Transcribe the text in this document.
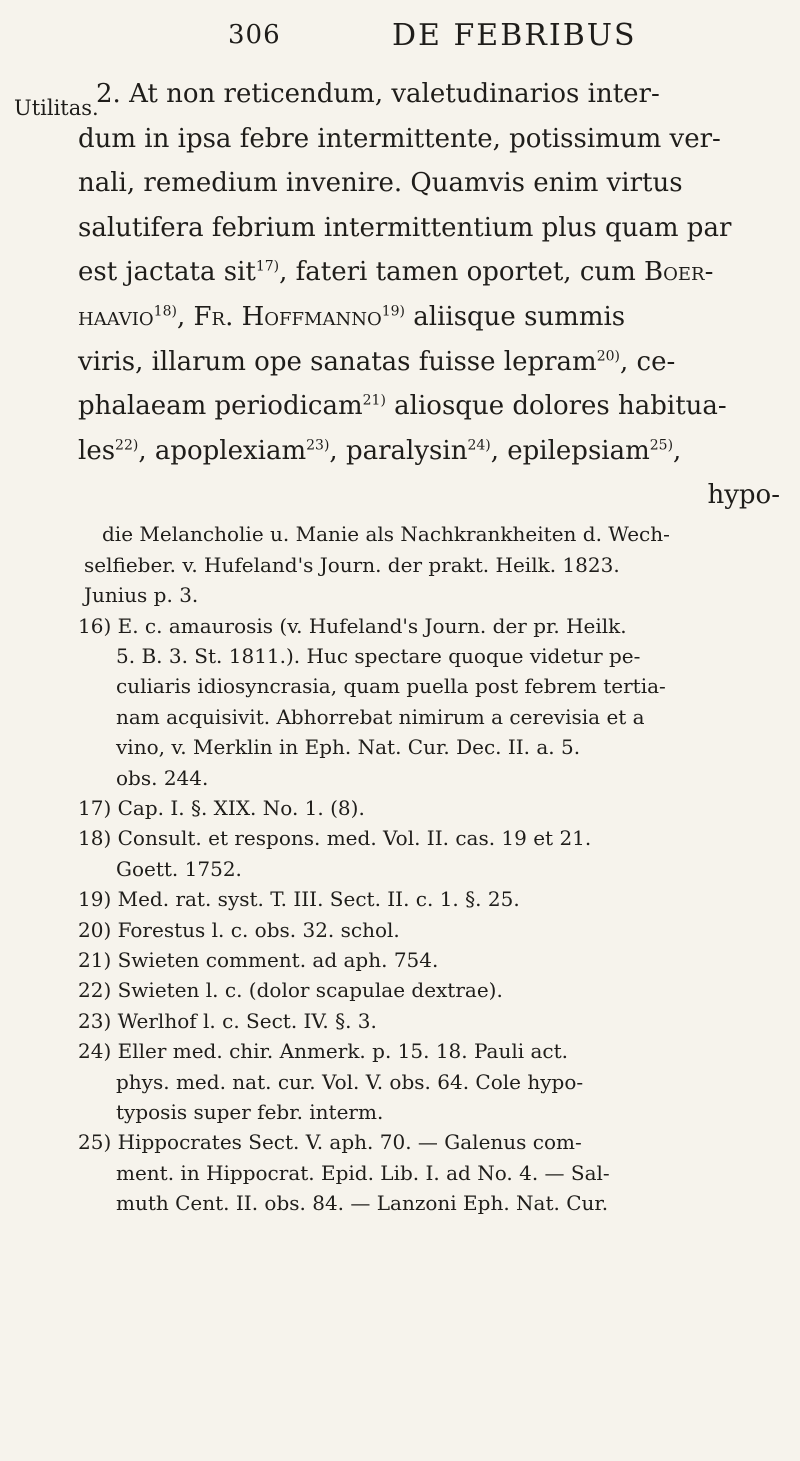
306	DE FEBRIBUS
Utilitas.

2. At non reticendum, valetudinarios inter-
dum in ipsa febre intermittente, potissimum ver-
nali, remedium invenire. Quamvis enim virtus
salutifera febrium intermittentium plus quam par
est jactata sit$^{17)}$, fateri tamen oportet, cum Boer-
haavio$^{18)}$, Fr. Hoffmanno$^{19)}$ aliisque summis
viris, illarum ope sanatas fuisse lepram$^{20)}$, ce-
phalaeam periodicam$^{21)}$ aliosque dolores habitua-
les$^{22)}$, apoplexiam$^{23)}$, paralysin$^{24)}$, epilepsiam$^{25)}$,

hypo-

die Melancholie u. Manie als Nachkrankheiten d. Wech-
selfieber. v. Hufeland's Journ. der prakt. Heilk. 1823.
Junius p. 3.

16) E. c. amaurosis (v. Hufeland's Journ. der pr. Heilk.
5. B. 3. St. 1811.). Huc spectare quoque videtur pe-
culiaris idiosyncrasia, quam puella post febrem tertia-
nam acquisivit. Abhorrebat nimirum a cerevisia et a
vino, v. Merklin in Eph. Nat. Cur. Dec. II. a. 5.
obs. 244.

17) Cap. I. §. XIX. No. 1. (8).

18) Consult. et respons. med. Vol. II. cas. 19 et 21.
Goett. 1752.

19) Med. rat. syst. T. III. Sect. II. c. 1. §. 25.

20) Forestus l. c. obs. 32. schol.

21) Swieten comment. ad aph. 754.

22) Swieten l. c. (dolor scapulae dextrae).

23) Werlhof l. c. Sect. IV. §. 3.

24) Eller med. chir. Anmerk. p. 15. 18. Pauli act.
phys. med. nat. cur. Vol. V. obs. 64. Cole hypo-
typosis super febr. interm.

25) Hippocrates Sect. V. aph. 70. — Galenus com-
ment. in Hippocrat. Epid. Lib. I. ad No. 4. — Sal-
muth Cent. II. obs. 84. — Lanzoni Eph. Nat. Cur.
